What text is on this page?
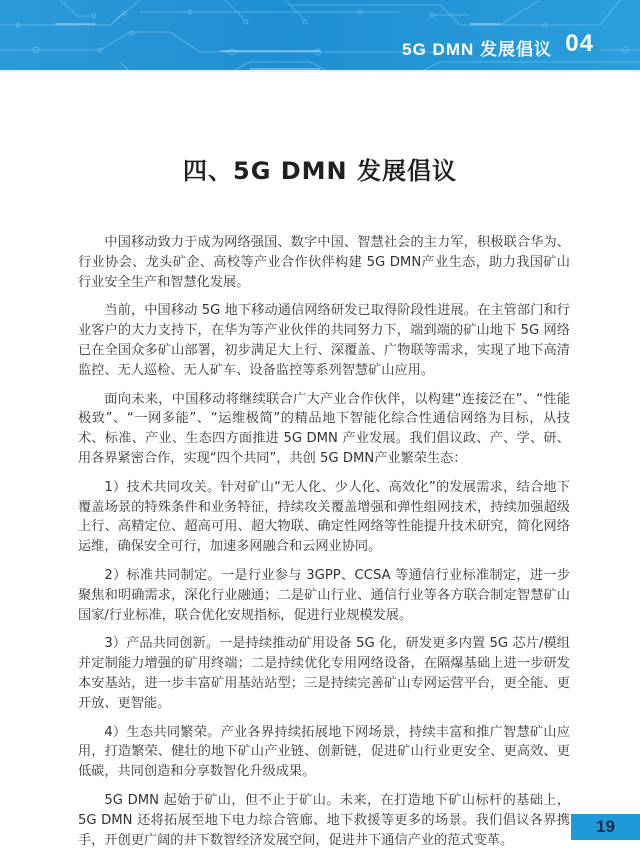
5G DMN 发展倡议 04
四、5G DMN 发展倡议

中国移动致力于成为网络强国、数字中国、智慧社会的主力军，积极联合华为、行业协会、龙头矿企、高校等产业合作伙伴构建 5G DMN产业生态，助力我国矿山行业安全生产和智慧化发展。

当前，中国移动 5G 地下移动通信网络研发已取得阶段性进展。在主管部门和行业客户的大力支持下，在华为等产业伙伴的共同努力下，端到端的矿山地下 5G 网络已在全国众多矿山部署，初步满足大上行、深覆盖、广物联等需求，实现了地下高清监控、无人巡检、无人矿车、设备监控等系列智慧矿山应用。

面向未来，中国移动将继续联合广大产业合作伙伴，以构建“连接泛在”、“性能极致”、“一网多能”、“运维极简”的精品地下智能化综合性通信网络为目标，从技术、标准、产业、生态四方面推进 5G DMN 产业发展。我们倡议政、产、学、研、用各界紧密合作，实现“四个共同”，共创 5G DMN产业繁荣生态：

1）技术共同攻关。针对矿山“无人化、少人化、高效化”的发展需求，结合地下覆盖场景的特殊条件和业务特征，持续攻关覆盖增强和弹性组网技术，持续加强超级上行、高精定位、超高可用、超大物联、确定性网络等性能提升技术研究，简化网络运维，确保安全可行，加速多网融合和云网业协同。

2）标准共同制定。一是行业参与 3GPP、CCSA 等通信行业标准制定，进一步聚焦和明确需求，深化行业融通；二是矿山行业、通信行业等各方联合制定智慧矿山国家/行业标准，联合优化安规指标，促进行业规模发展。

3）产品共同创新。一是持续推动矿用设备 5G 化，研发更多内置 5G 芯片/模组并定制能力增强的矿用终端；二是持续优化专用网络设备，在隔爆基础上进一步研发本安基站，进一步丰富矿用基站站型；三是持续完善矿山专网运营平台，更全能、更开放、更智能。

4）生态共同繁荣。产业各界持续拓展地下网场景，持续丰富和推广智慧矿山应用，打造繁荣、健壮的地下矿山产业链、创新链，促进矿山行业更安全、更高效、更低碳，共同创造和分享数智化升级成果。

5G DMN 起始于矿山，但不止于矿山。未来，在打造地下矿山标杆的基础上，5G DMN 还将拓展至地下电力综合管廊、地下救援等更多的场景。我们倡议各界携手，开创更广阔的井下数智经济发展空间，促进井下通信产业的范式变革。

19
